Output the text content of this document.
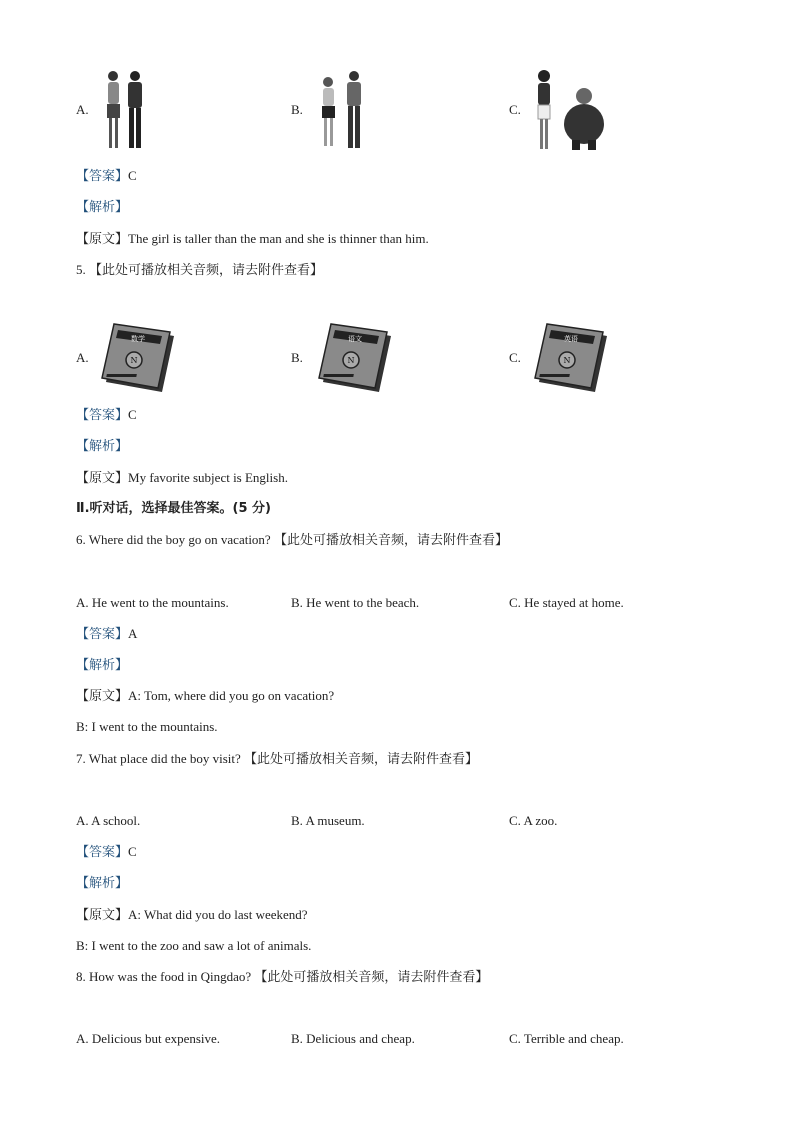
A.	B.	C.
【答案】C
【解析】
【原文】The girl is taller than the man and she is thinner than him.
5. 【此处可播放相关音频，请去附件查看】
A.
数学
N	B.
语文
N	C.
英语
N
【答案】C
【解析】
【原文】My favorite subject is English.
Ⅱ.听对话，选择最佳答案。(5 分)
6. Where did the boy go on vacation? 【此处可播放相关音频，请去附件查看】
A. He went to the mountains.	B. He went to the beach.	C. He stayed at home.
【答案】A
【解析】
【原文】A: Tom, where did you go on vacation?
B: I went to the mountains.
7. What place did the boy visit? 【此处可播放相关音频，请去附件查看】
A. A school.	B. A museum.	C. A zoo.
【答案】C
【解析】
【原文】A: What did you do last weekend?
B: I went to the zoo and saw a lot of animals.
8. How was the food in Qingdao? 【此处可播放相关音频，请去附件查看】
A. Delicious but expensive.	B. Delicious and cheap.	C. Terrible and cheap.
